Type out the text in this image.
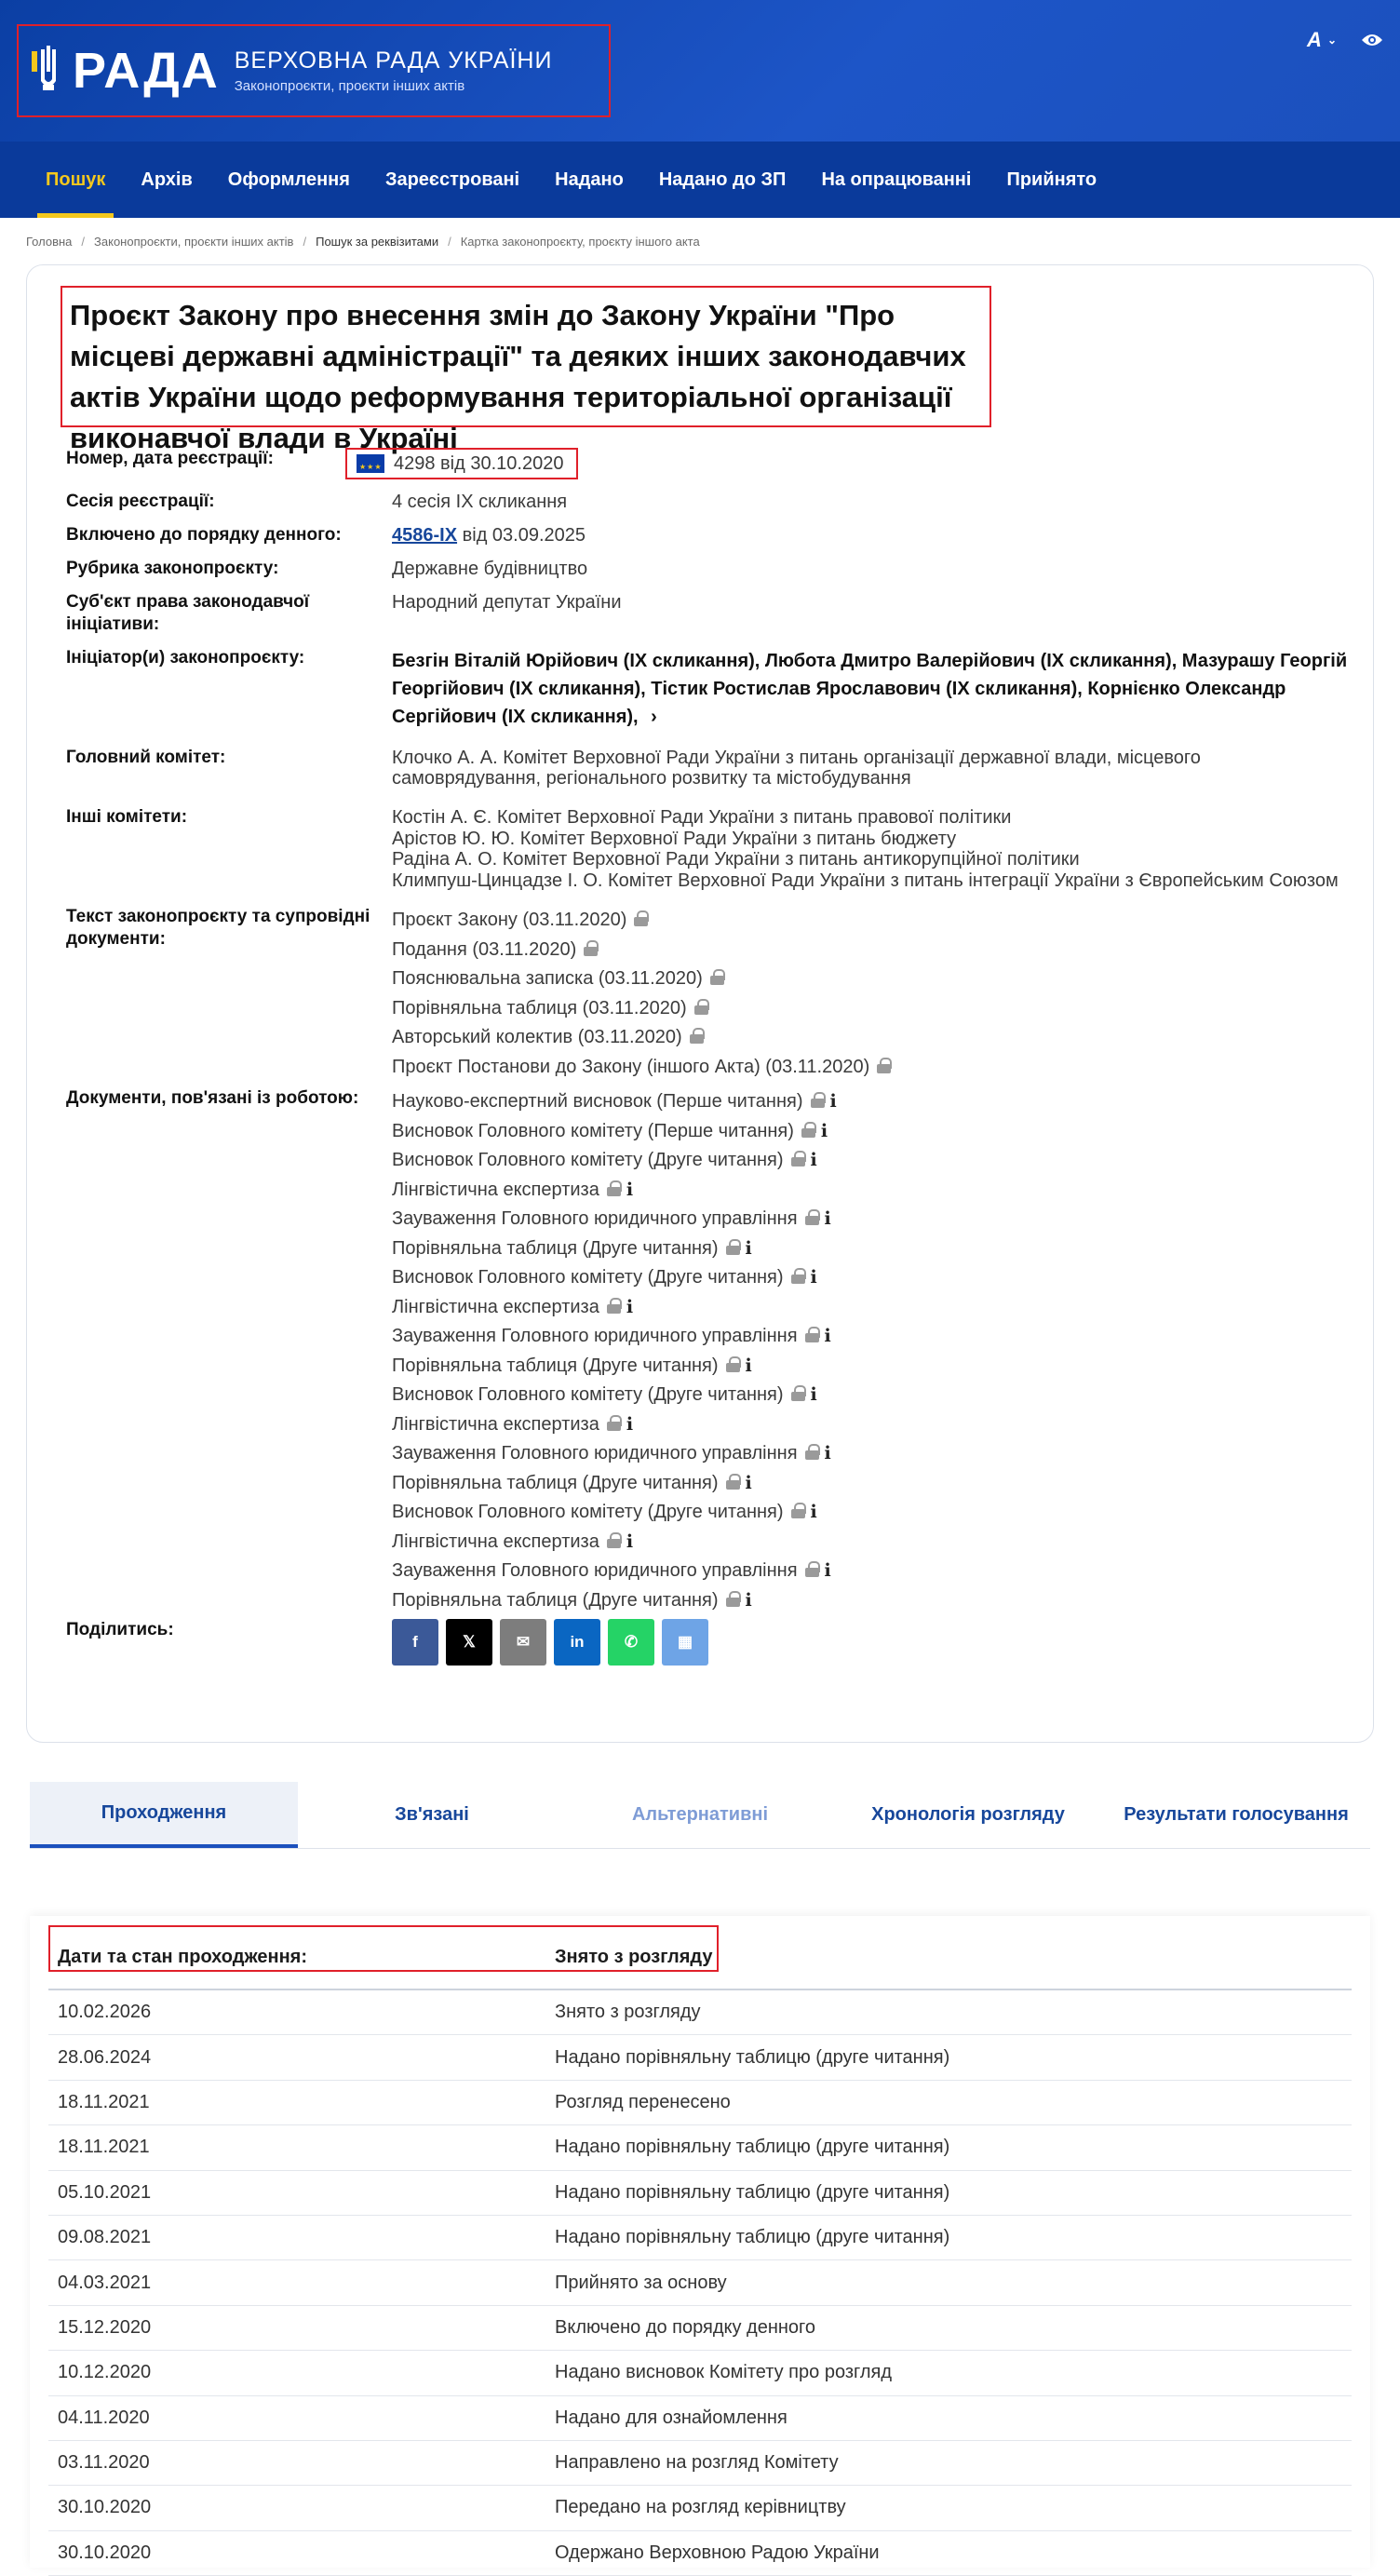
РАДА ВЕРХОВНА РАДА УКРАЇНИ
Законопроєкти, проєкти інших актів
A ⌄
Пошук	Архів	Оформлення	Зареєстровані	Надано	Надано до ЗП	На опрацюванні	Прийнято
Головна / Законопроєкти, проєкти інших актів / Пошук за реквізитами / Картка законопроєкту, проєкту іншого акта
Проєкт Закону про внесення змін до Закону України "Про місцеві державні адміністрації" та деяких інших законодавчих актів України щодо реформування територіальної організації виконавчої влади в Україні
Номер, дата реєстрації:
★★★	4298 від 30.10.2020
Сесія реєстрації:	4 сесія IX скликання
Включено до порядку денного:	4586-IX від 03.09.2025
Рубрика законопроєкту:	Державне будівництво
Суб'єкт права законодавчої ініціативи:
Народний депутат України
Ініціатор(и) законопроєкту:	Безгін Віталій Юрійович (IX скликання), Любота Дмитро Валерійович (IX скликання), Мазурашу Георгій Георгійович (IX скликання), Тістик Ростислав Ярославович (IX скликання), Корнієнко Олександр Сергійович (IX скликання), ›
Головний комітет:	Клочко А. А. Комітет Верховної Ради України з питань організації державної влади, місцевого самоврядування, регіонального розвитку та містобудування
Інші комітети:	Костін А. Є. Комітет Верховної Ради України з питань правової політики
Арістов Ю. Ю. Комітет Верховної Ради України з питань бюджету
Радіна А. О. Комітет Верховної Ради України з питань антикорупційної політики
Климпуш-Цинцадзе І. О. Комітет Верховної Ради України з питань інтеграції України з Європейським Союзом
Текст законопроєкту та супровідні документи:
Проєкт Закону (03.11.2020)
Подання (03.11.2020)
Пояснювальна записка (03.11.2020)
Порівняльна таблиця (03.11.2020)
Авторський колектив (03.11.2020)
Проєкт Постанови до Закону (іншого Акта) (03.11.2020)
Документи, пов'язані із роботою:	Науково-експертний висновок (Перше читання) i
Висновок Головного комітету (Перше читання) i
Висновок Головного комітету (Друге читання) i
Лінгвістична експертиза i
Зауваження Головного юридичного управління i
Порівняльна таблиця (Друге читання) i
Висновок Головного комітету (Друге читання) i
Лінгвістична експертиза i
Зауваження Головного юридичного управління i
Порівняльна таблиця (Друге читання) i
Висновок Головного комітету (Друге читання) i
Лінгвістична експертиза i
Зауваження Головного юридичного управління i
Порівняльна таблиця (Друге читання) i
Висновок Головного комітету (Друге читання) i
Лінгвістична експертиза i
Зауваження Головного юридичного управління i
Порівняльна таблиця (Друге читання) i
Поділитись:
f	𝕏	✉	in	✆	▦
Проходження	Зв'язані	Альтернативні	Хронологія розгляду	Результати голосування
Дати та стан проходження:	Знято з розгляду
10.02.2026	Знято з розгляду
28.06.2024	Надано порівняльну таблицю (друге читання)
18.11.2021	Розгляд перенесено
18.11.2021	Надано порівняльну таблицю (друге читання)
05.10.2021	Надано порівняльну таблицю (друге читання)
09.08.2021	Надано порівняльну таблицю (друге читання)
04.03.2021	Прийнято за основу
15.12.2020	Включено до порядку денного
10.12.2020	Надано висновок Комітету про розгляд
04.11.2020	Надано для ознайомлення
03.11.2020	Направлено на розгляд Комітету
30.10.2020	Передано на розгляд керівництву
30.10.2020	Одержано Верховною Радою України
